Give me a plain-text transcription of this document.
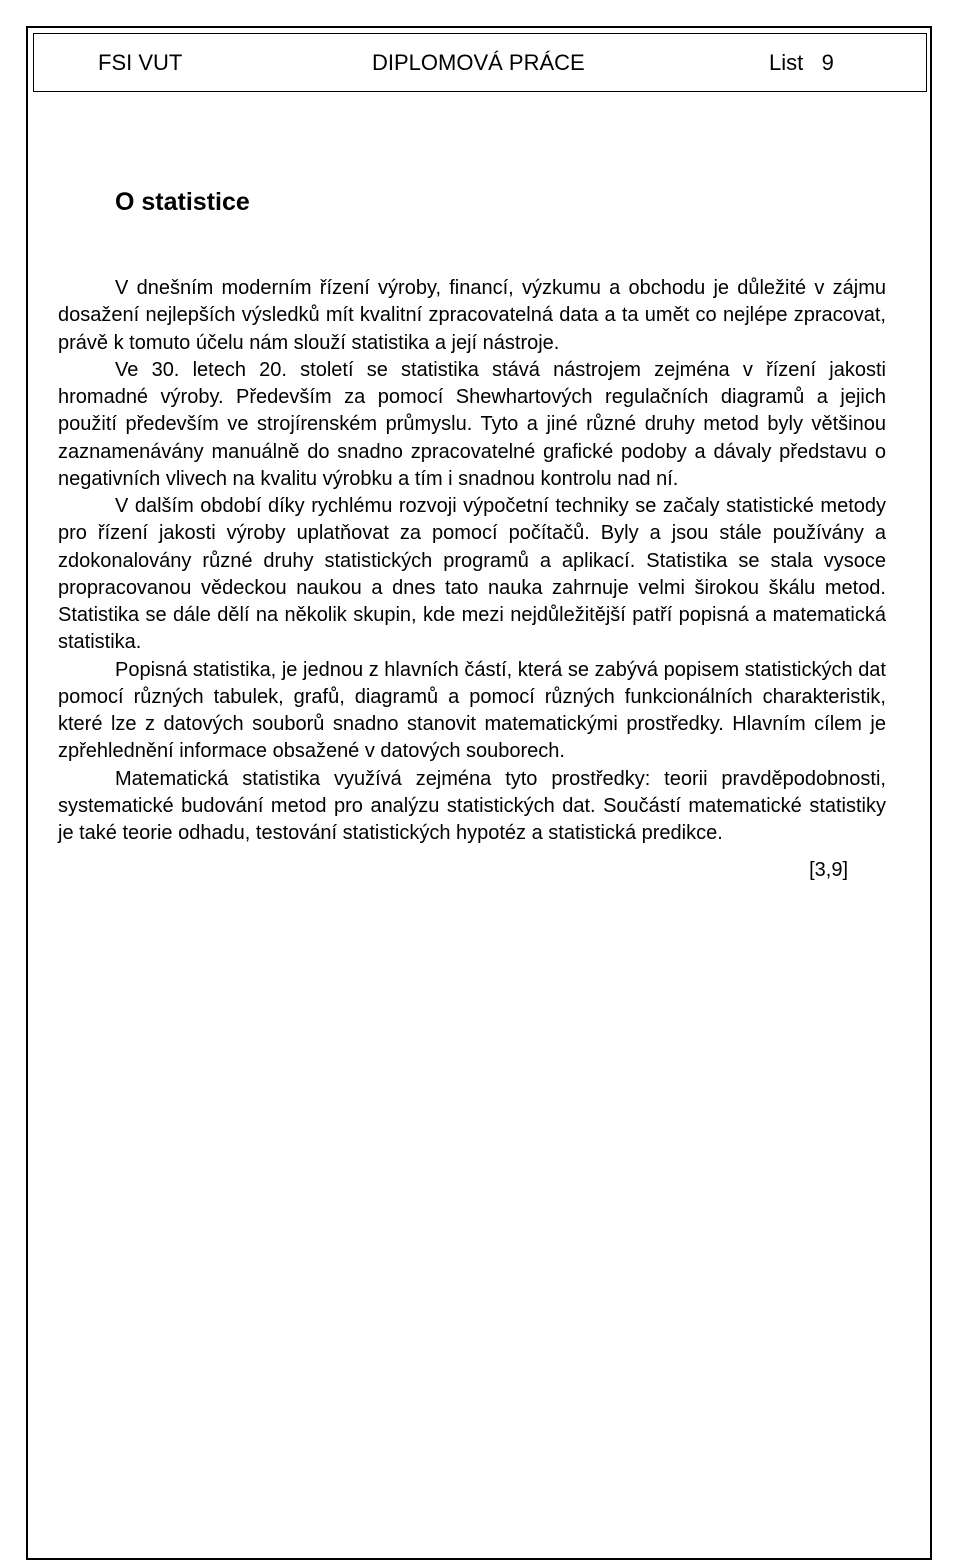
FSI VUT	DIPLOMOVÁ PRÁCE	List   9
O statistice

V dnešním moderním řízení výroby, financí, výzkumu a obchodu je důležité v zájmu dosažení nejlepších výsledků mít kvalitní zpracovatelná data a ta umět co nejlépe zpracovat, právě k tomuto účelu nám slouží statistika a její nástroje.

Ve 30. letech 20. století se statistika stává nástrojem zejména v řízení jakosti hromadné výroby. Především za pomocí Shewhartových regulačních diagramů a jejich použití především ve strojírenském průmyslu. Tyto a jiné různé druhy metod byly většinou zaznamenávány manuálně do snadno zpracovatelné grafické podoby a dávaly představu o negativních vlivech na kvalitu výrobku a tím i snadnou kontrolu nad ní.

V dalším období díky rychlému rozvoji výpočetní techniky se začaly statistické metody pro řízení jakosti výroby uplatňovat za pomocí počítačů. Byly a jsou stále používány a zdokonalovány různé druhy statistických programů a aplikací. Statistika se stala vysoce propracovanou vědeckou naukou a dnes tato nauka zahrnuje velmi širokou škálu metod. Statistika se dále dělí na několik skupin, kde mezi nejdůležitější patří popisná a matematická statistika.

Popisná statistika, je jednou z hlavních částí, která se zabývá popisem statistických dat pomocí různých tabulek, grafů, diagramů a pomocí různých funkcionálních charakteristik, které lze z datových souborů snadno stanovit matematickými prostředky. Hlavním cílem je zpřehlednění informace obsažené v datových souborech.

Matematická statistika využívá zejména tyto prostředky: teorii pravděpodobnosti, systematické budování metod pro analýzu statistických dat. Součástí matematické statistiky je také teorie odhadu, testování statistických hypotéz a statistická predikce.

[3,9]
